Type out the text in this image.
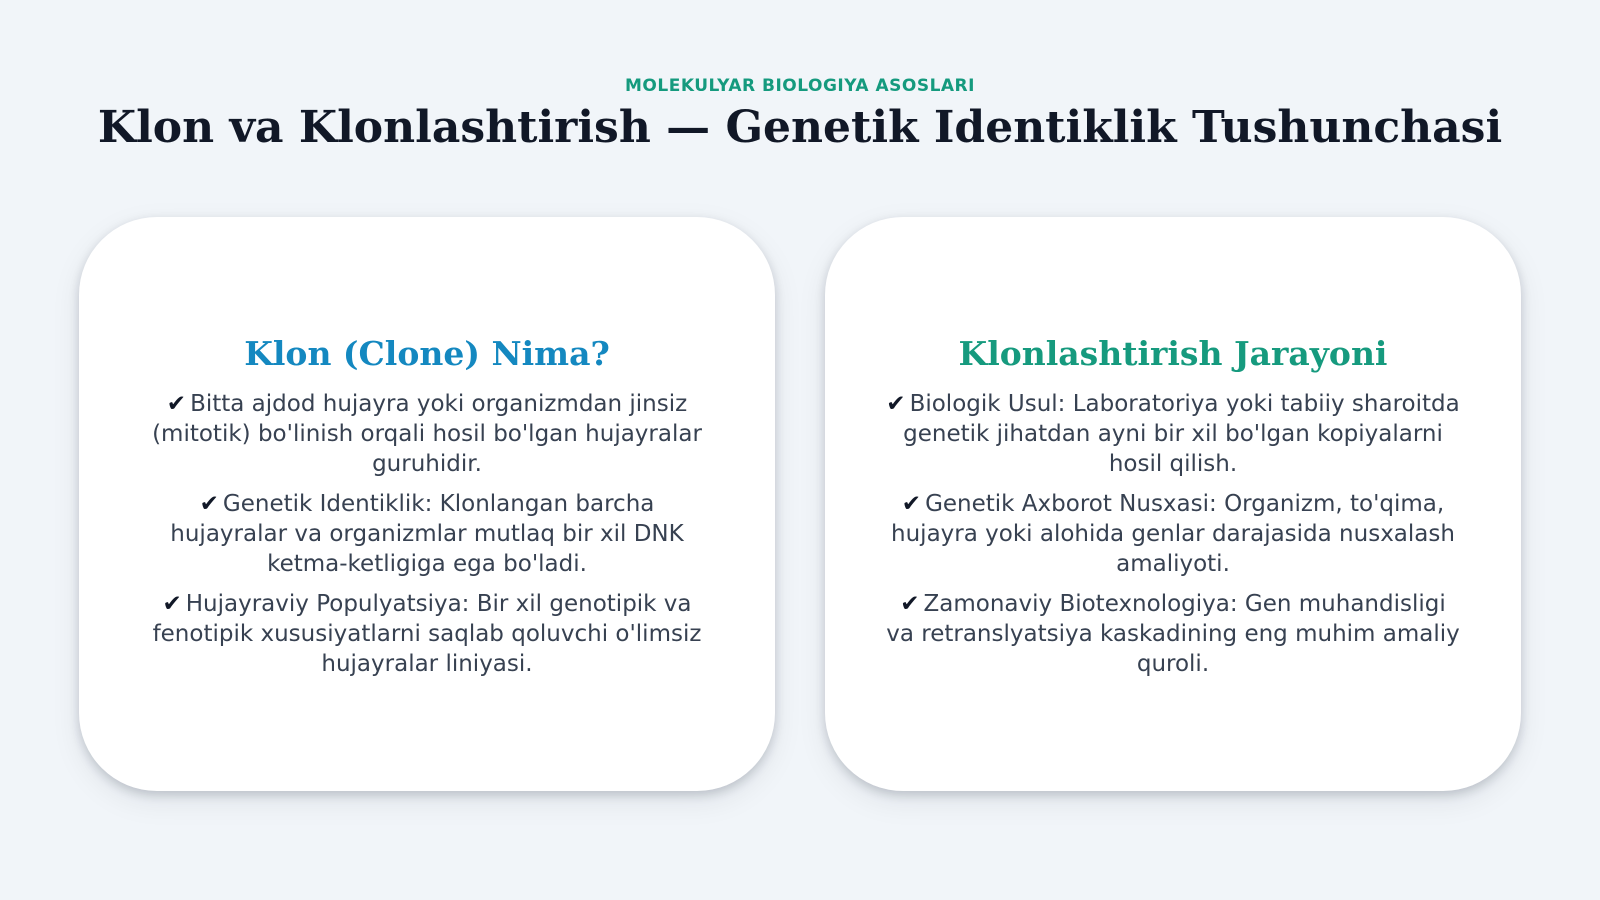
MOLEKULYAR BIOLOGIYA ASOSLARI
Klon va Klonlashtirish — Genetik Identiklik Tushunchasi
Klon (Clone) Nima?

✔ Bitta ajdod hujayra yoki organizmdan jinsiz (mitotik) bo'linish orqali hosil bo'lgan hujayralar guruhidir.

✔ Genetik Identiklik: Klonlangan barcha hujayralar va organizmlar mutlaq bir xil DNK ketma-ketligiga ega bo'ladi.

✔ Hujayraviy Populyatsiya: Bir xil genotipik va fenotipik xususiyatlarni saqlab qoluvchi o'limsiz hujayralar liniyasi.

Klonlashtirish Jarayoni

✔ Biologik Usul: Laboratoriya yoki tabiiy sharoitda genetik jihatdan ayni bir xil bo'lgan kopiyalarni hosil qilish.

✔ Genetik Axborot Nusxasi: Organizm, to'qima, hujayra yoki alohida genlar darajasida nusxalash amaliyoti.

✔ Zamonaviy Biotexnologiya: Gen muhandisligi va retranslyatsiya kaskadining eng muhim amaliy quroli.
